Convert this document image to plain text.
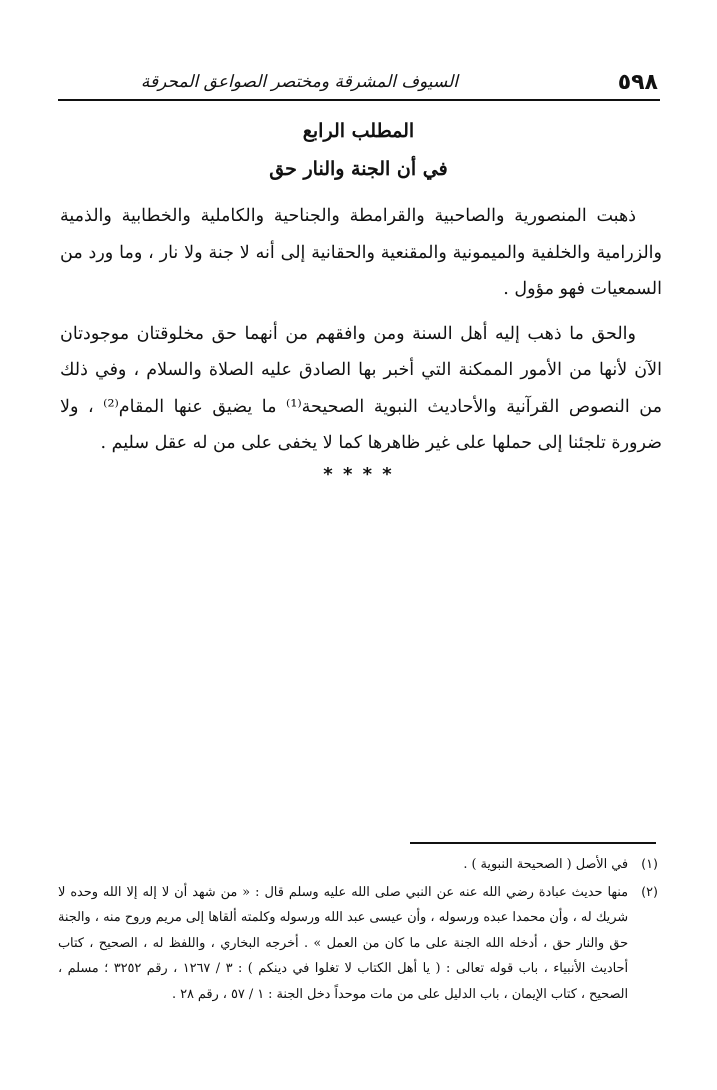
٥٩٨
السيوف المشرقة ومختصر الصواعق المحرقة
المطلب الرابع
في أن الجنة والنار حق

ذهبت المنصورية والصاحبية والقرامطة والجناحية والكاملية والخطابية والذمية والزرامية والخلفية والميمونية والمقنعية والحقانية إلى أنه لا جنة ولا نار ، وما ورد من السمعيات فهو مؤول .

والحق ما ذهب إليه أهل السنة ومن وافقهم من أنهما حق مخلوقتان موجودتان الآن لأنها من الأمور الممكنة التي أخبر بها الصادق عليه الصلاة والسلام ، وفي ذلك من النصوص القرآنية والأحاديث النبوية الصحيحة⁽¹⁾ ما يضيق عنها المقام⁽²⁾ ، ولا ضرورة تلجئنا إلى حملها على غير ظاهرها كما لا يخفى على من له عقل سليم .

* * * *

(١)
في الأصل ( الصحيحة النبوية ) .

(٢)
منها حديث عبادة رضي الله عنه عن النبي صلى الله عليه وسلم قال : « من شهد أن لا إله إلا الله وحده لا شريك له ، وأن محمدا عبده ورسوله ، وأن عيسى عبد الله ورسوله وكلمته ألقاها إلى مريم وروح منه ، والجنة حق والنار حق ، أدخله الله الجنة على ما كان من العمل » . أخرجه البخاري ، واللفظ له ، الصحيح ، كتاب أحاديث الأنبياء ، باب قوله تعالى : ( يا أهل الكتاب لا تغلوا في دينكم ) : ٣ / ١٢٦٧ ، رقم ٣٢٥٢ ؛ مسلم ، الصحيح ، كتاب الإيمان ، باب الدليل على من مات موحداً دخل الجنة : ١ / ٥٧ ، رقم ٢٨ .
